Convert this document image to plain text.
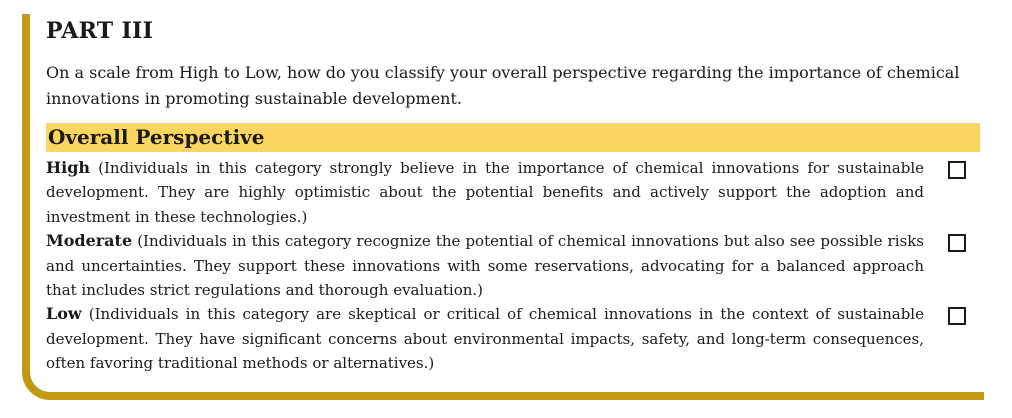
PART III

On a scale from High to Low, how do you classify your overall perspective regarding the importance of chemical innovations in promoting sustainable development.

Overall Perspective

High (Individuals in this category strongly believe in the importance of chemical innovations for sustainable development. They are highly optimistic about the potential benefits and actively support the adoption and investment in these technologies.)

Moderate (Individuals in this category recognize the potential of chemical innovations but also see possible risks and uncertainties. They support these innovations with some reservations, advocating for a balanced approach that includes strict regulations and thorough evaluation.)

Low (Individuals in this category are skeptical or critical of chemical innovations in the context of sustainable development. They have significant concerns about environmental impacts, safety, and long-term consequences, often favoring traditional methods or alternatives.)
